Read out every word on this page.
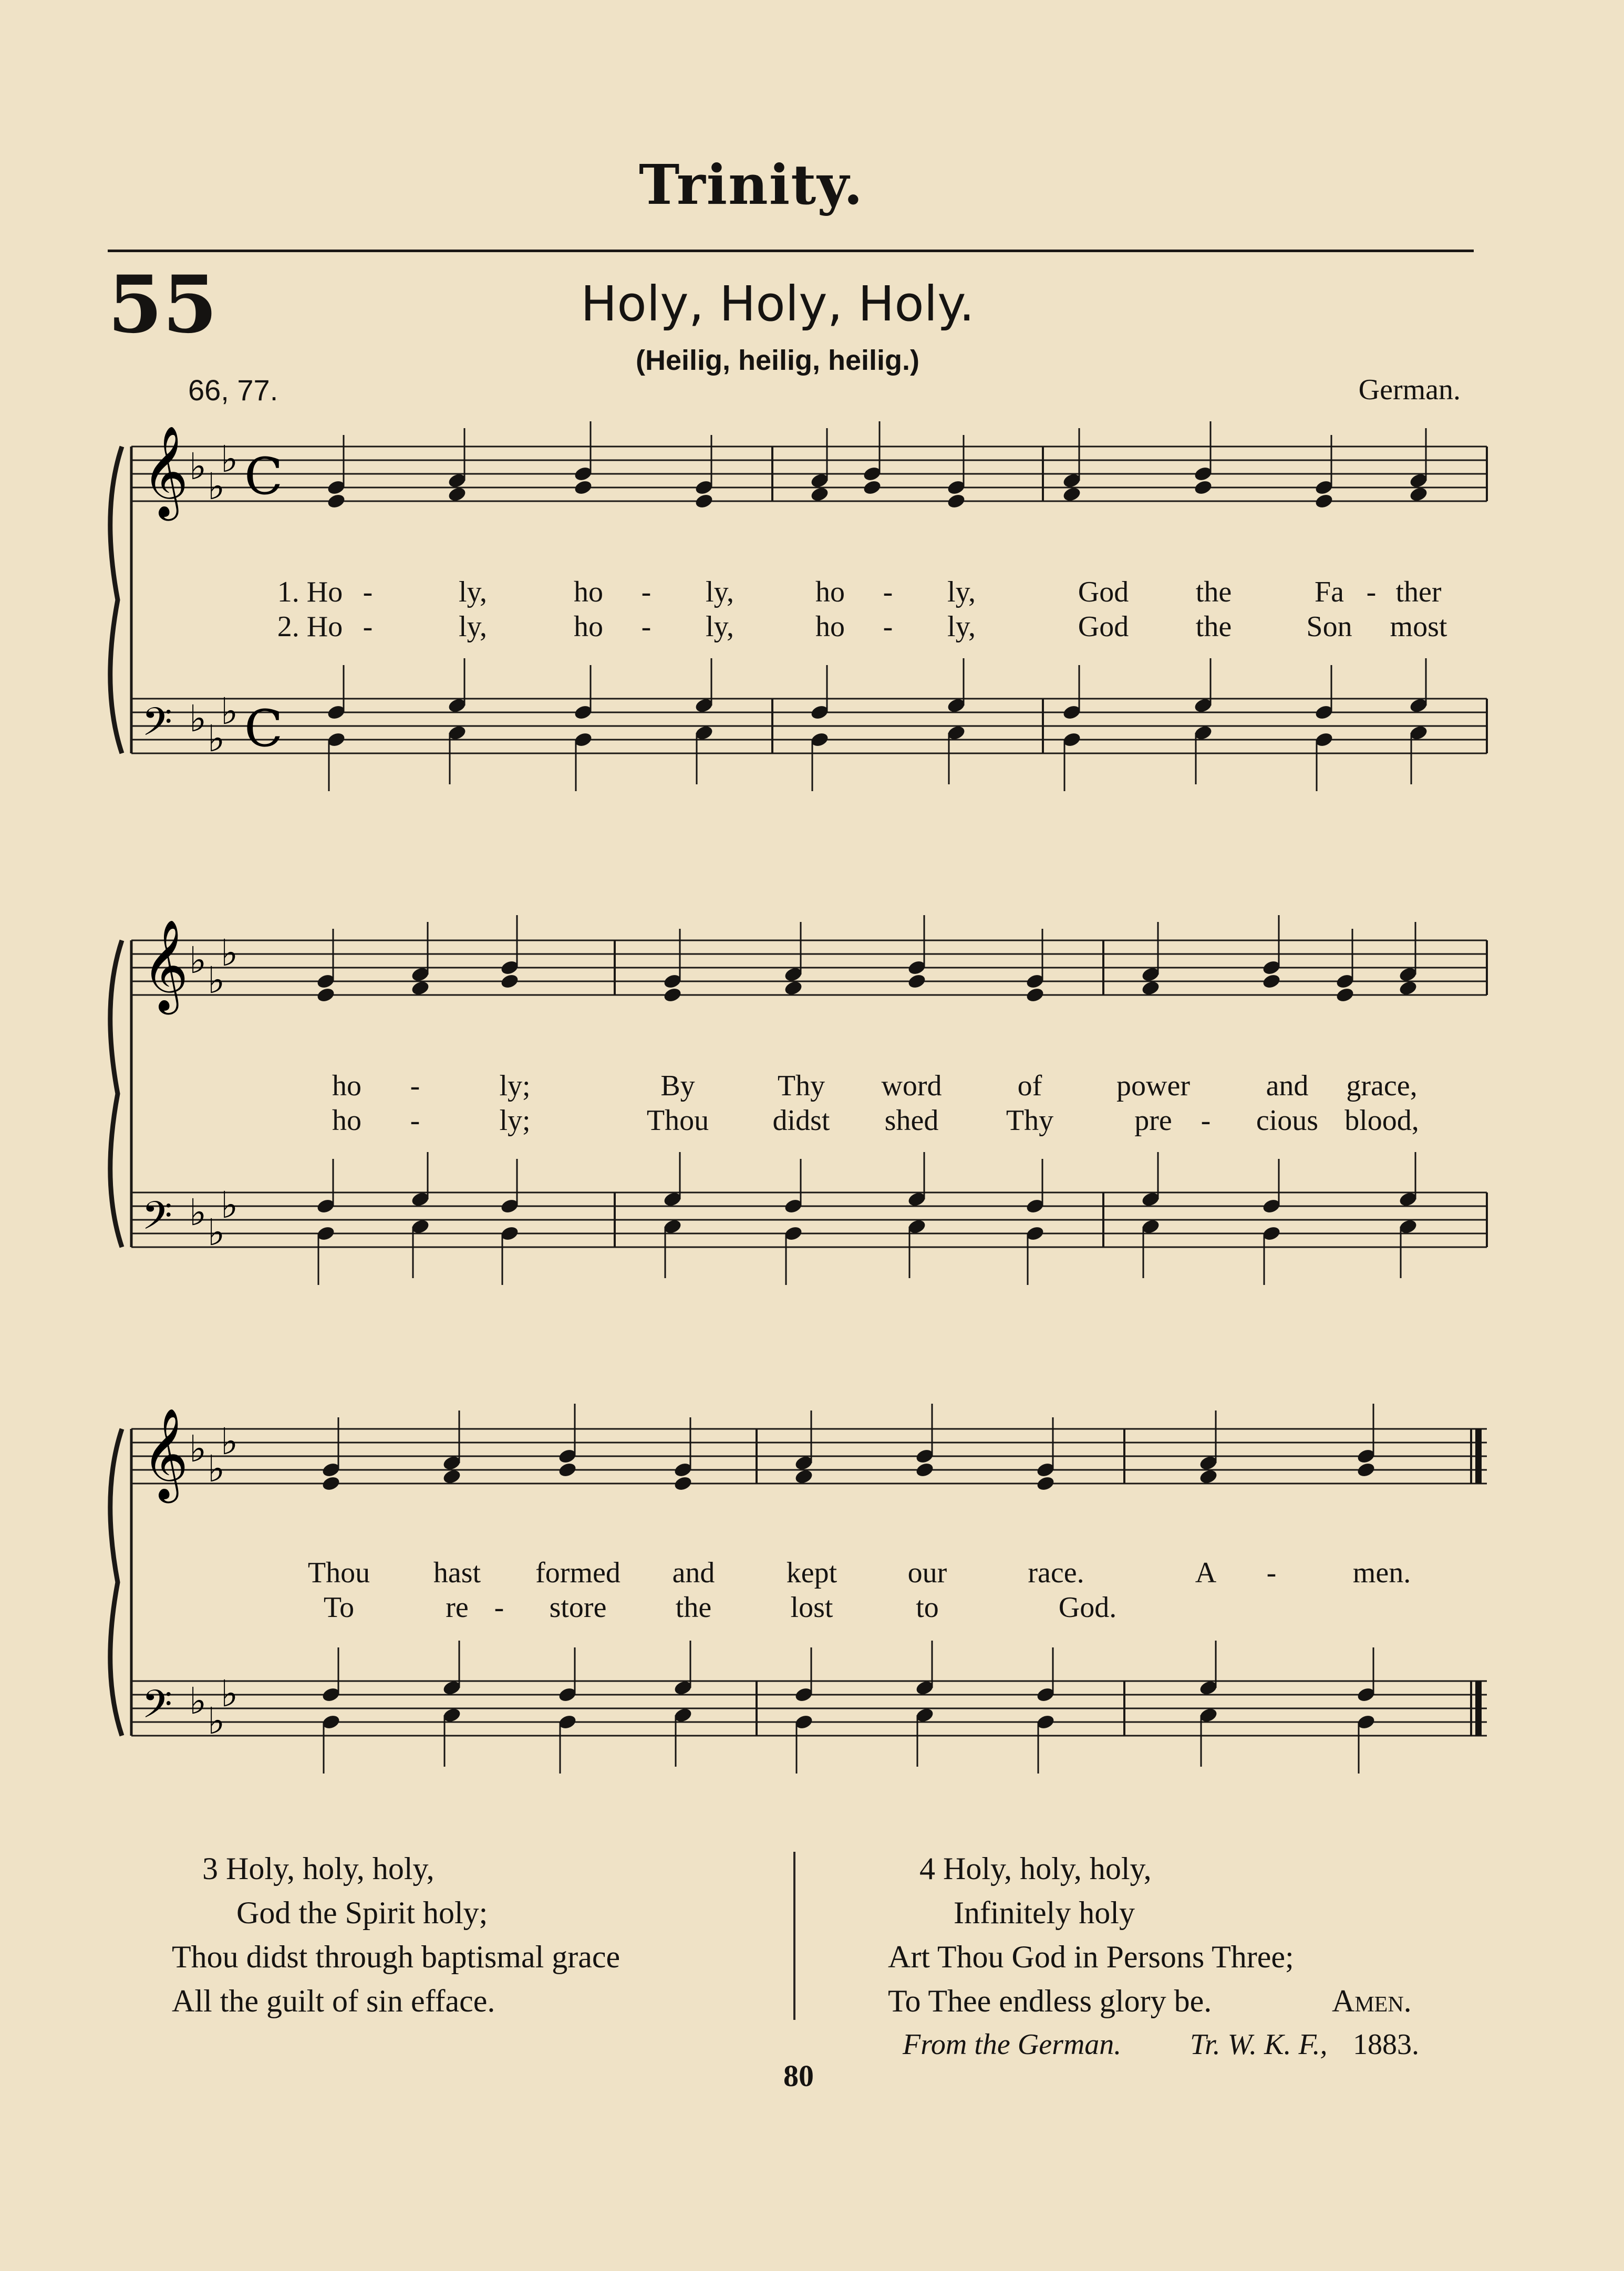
Trinity.
55	Holy, Holy, Holy.
(Heilig, heilig, heilig.)
66, 77.	German.
𝄞 ♭ ♭
♭ C
𝄢 ♭ ♭
♭ C
𝄞 ♭ ♭
♭
𝄢 ♭ ♭
♭
𝄞 ♭ ♭
♭
𝄢 ♭ ♭
♭
1. Ho -	ly,	ho	-	ly,	ho	-	ly,	God	the	Fa - ther
2. Ho -	ly,	ho	-	ly,	ho	-	ly,	God	the	Son	most
ho	-	ly;	By	Thy	word	of	power	and	grace,
ho	-	ly;	Thou	didst	shed	Thy	pre -	cious blood,
Thou	hast	formed	and	kept	our	race.	A	-	men.
To	re -	store	the	lost	to	God.
3 Holy, holy, holy,
God the Spirit holy;
Thou didst through baptismal grace
All the guilt of sin efface.
4 Holy, holy, holy,
Infinitely holy
Art Thou God in Persons Three;
To Thee endless glory be.	Amen.
From the German. Tr. W. K. F., 1883.
80
